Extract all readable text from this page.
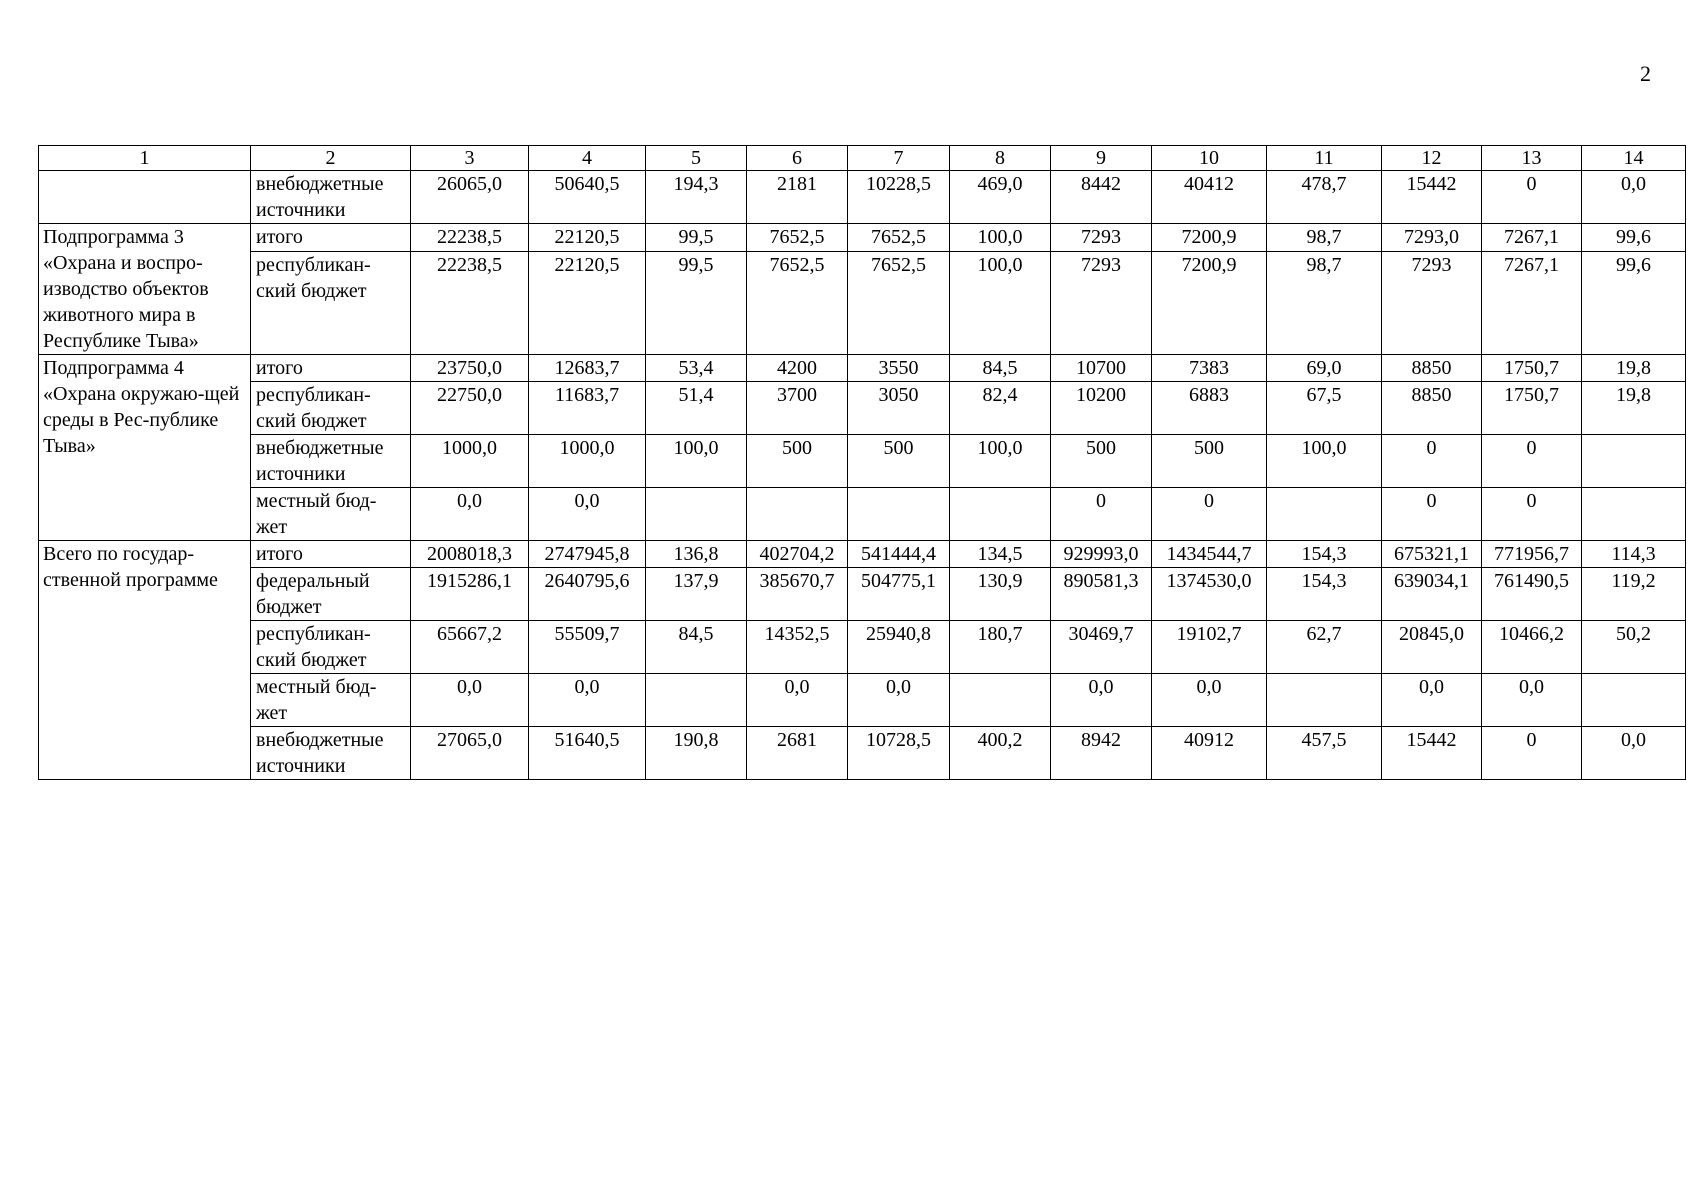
2
1	2	3	4	5	6	7	8	9	10	11	12	13	14
	внебюджетные источники	26065,0	50640,5	194,3	2181	10228,5	469,0	8442	40412	478,7	15442	0	0,0
Подпрограмма 3 «Охрана и воспро-изводство объектов животного мира в Республике Тыва»	итого	22238,5	22120,5	99,5	7652,5	7652,5	100,0	7293	7200,9	98,7	7293,0	7267,1	99,6
	республикан-ский бюджет	22238,5	22120,5	99,5	7652,5	7652,5	100,0	7293	7200,9	98,7	7293	7267,1	99,6
Подпрограмма 4 «Охрана окружаю-щей среды в Рес-публике Тыва»	итого	23750,0	12683,7	53,4	4200	3550	84,5	10700	7383	69,0	8850	1750,7	19,8
	республикан-ский бюджет	22750,0	11683,7	51,4	3700	3050	82,4	10200	6883	67,5	8850	1750,7	19,8
	внебюджетные источники	1000,0	1000,0	100,0	500	500	100,0	500	500	100,0	0	0	
	местный бюд-жет	0,0	0,0					0	0		0	0	
Всего по государ-ственной программе	итого	2008018,3	2747945,8	136,8	402704,2	541444,4	134,5	929993,0	1434544,7	154,3	675321,1	771956,7	114,3
	федеральный бюджет	1915286,1	2640795,6	137,9	385670,7	504775,1	130,9	890581,3	1374530,0	154,3	639034,1	761490,5	119,2
	республикан-ский бюджет	65667,2	55509,7	84,5	14352,5	25940,8	180,7	30469,7	19102,7	62,7	20845,0	10466,2	50,2
	местный бюд-жет	0,0	0,0		0,0	0,0		0,0	0,0		0,0	0,0	
	внебюджетные источники	27065,0	51640,5	190,8	2681	10728,5	400,2	8942	40912	457,5	15442	0	0,0
